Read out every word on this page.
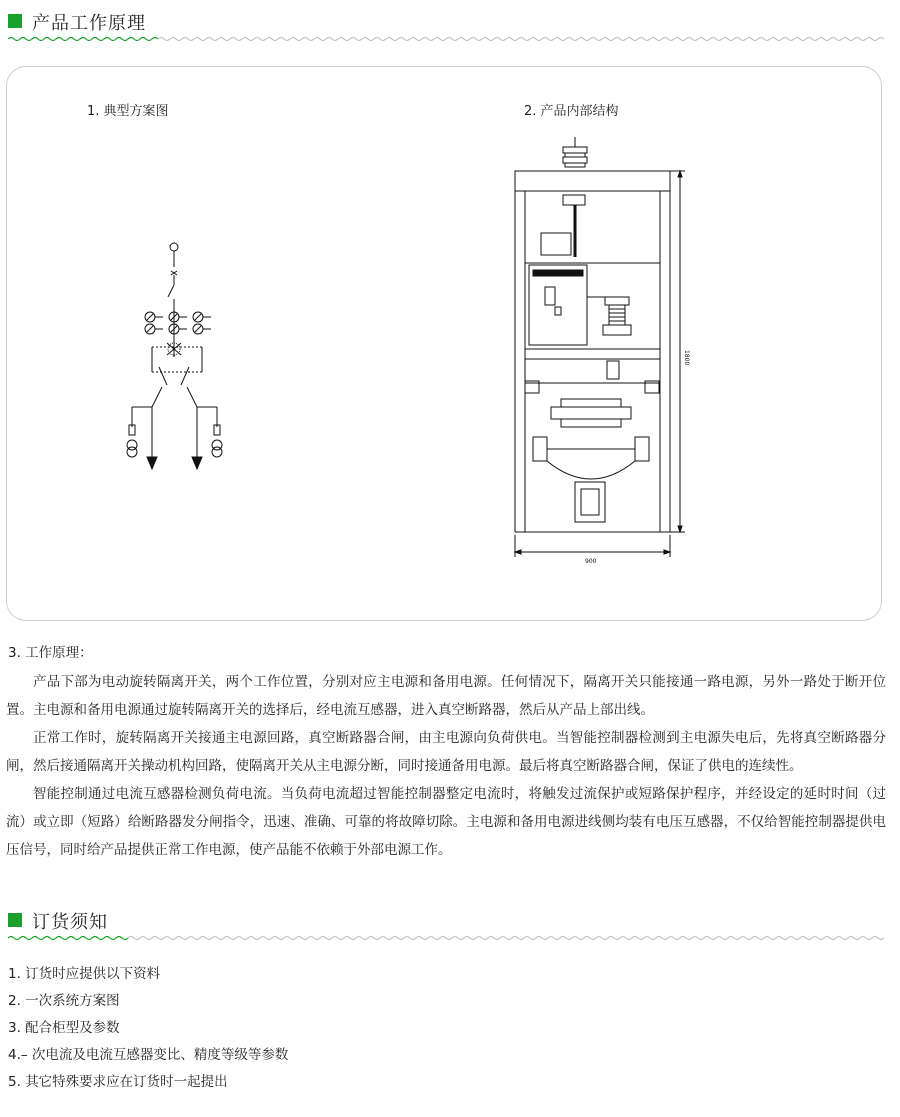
产品工作原理
1. 典型方案图	2. 产品内部结构
1800
900
3. 工作原理：

产品下部为电动旋转隔离开关，两个工作位置，分别对应主电源和备用电源。任何情况下，隔离开关只能接通一路电源，另外一路处于断开位置。主电源和备用电源通过旋转隔离开关的选择后，经电流互感器，进入真空断路器，然后从产品上部出线。

正常工作时，旋转隔离开关接通主电源回路，真空断路器合闸，由主电源向负荷供电。当智能控制器检测到主电源失电后，先将真空断路器分闸，然后接通隔离开关操动机构回路，使隔离开关从主电源分断，同时接通备用电源。最后将真空断路器合闸，保证了供电的连续性。

智能控制通过电流互感器检测负荷电流。当负荷电流超过智能控制器整定电流时，将触发过流保护或短路保护程序，并经设定的延时时间（过流）或立即（短路）给断路器发分闸指令，迅速、准确、可靠的将故障切除。主电源和备用电源进线侧均装有电压互感器，不仅给智能控制器提供电压信号，同时给产品提供正常工作电源，使产品能不依赖于外部电源工作。

订货须知
1. 订货时应提供以下资料
2. 一次系统方案图
3. 配合柜型及参数
4.– 次电流及电流互感器变比、精度等级等参数
5. 其它特殊要求应在订货时一起提出
